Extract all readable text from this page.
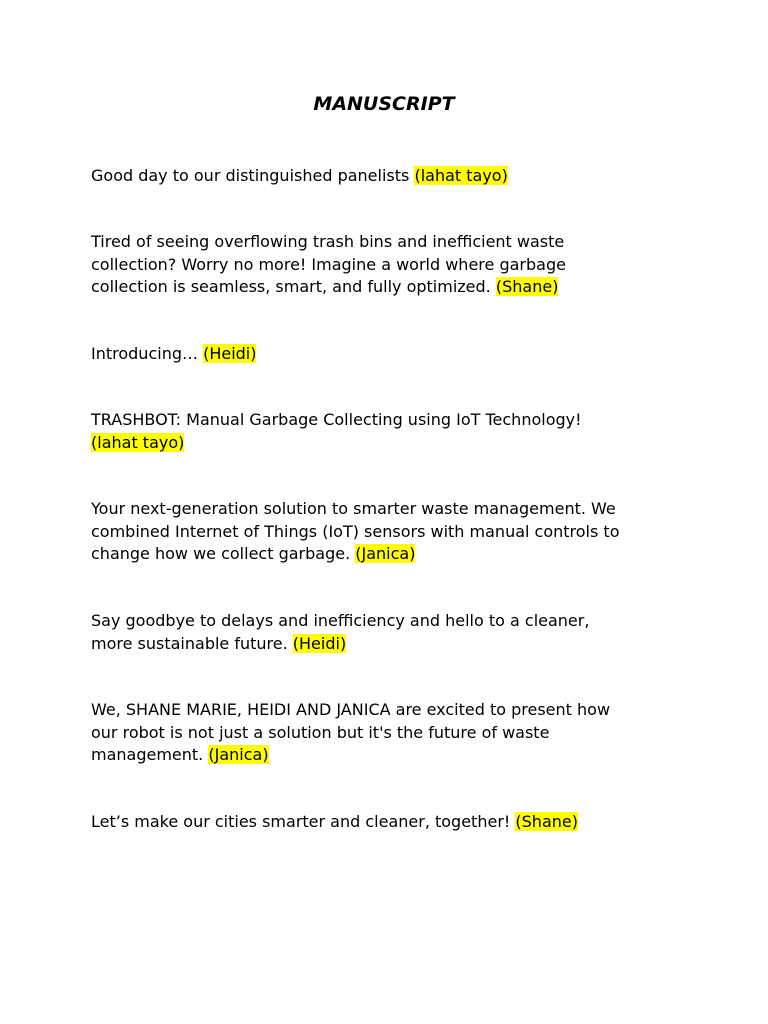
MANUSCRIPT

Good day to our distinguished panelists (lahat tayo)

Tired of seeing overflowing trash bins and inefficient waste
collection? Worry no more! Imagine a world where garbage
collection is seamless, smart, and fully optimized. (Shane)

Introducing… (Heidi)

TRASHBOT: Manual Garbage Collecting using IoT Technology!
(lahat tayo)

Your next-generation solution to smarter waste management. We
combined Internet of Things (IoT) sensors with manual controls to
change how we collect garbage. (Janica)

Say goodbye to delays and inefficiency and hello to a cleaner,
more sustainable future. (Heidi)

We, SHANE MARIE, HEIDI AND JANICA are excited to present how
our robot is not just a solution but it's the future of waste
management. (Janica)

Let’s make our cities smarter and cleaner, together! (Shane)
